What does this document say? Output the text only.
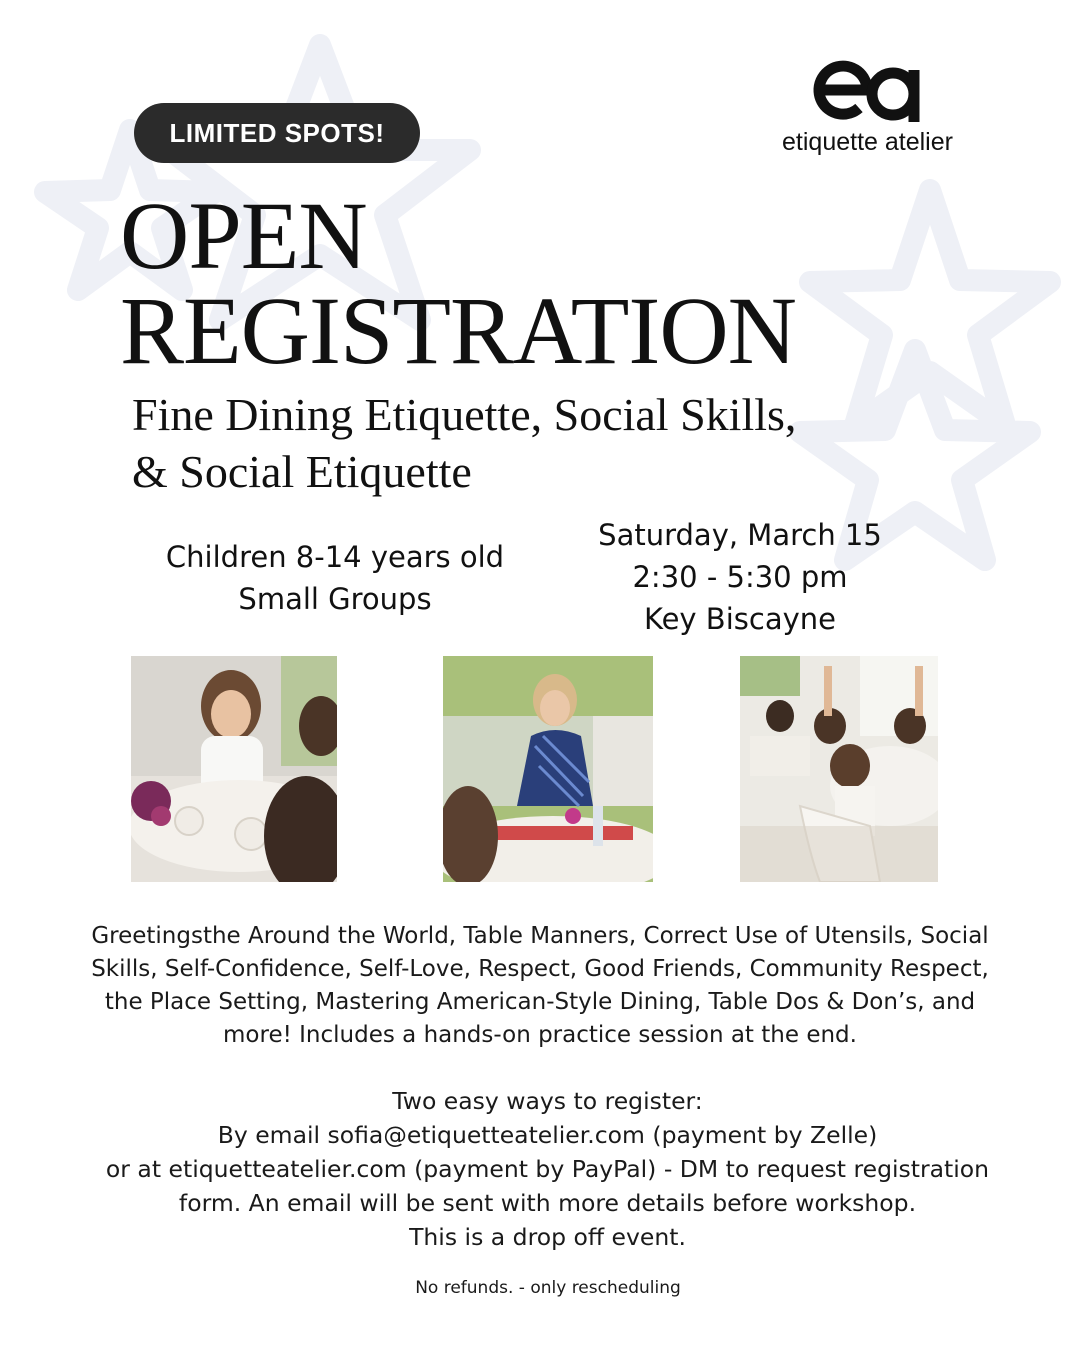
LIMITED SPOTS!	etiquette atelier
OPEN
REGISTRATION
Fine Dining Etiquette, Social Skills,
& Social Etiquette
Children 8-14 years old
Small Groups
Saturday, March 15
2:30 - 5:30 pm
Key Biscayne

Greetingsthe Around the World, Table Manners, Correct Use of Utensils, Social Skills, Self-Confidence, Self-Love, Respect, Good Friends, Community Respect, the Place Setting, Mastering American-Style Dining, Table Dos & Don’s, and more! Includes a hands-on practice session at the end.

Two easy ways to register:
By email sofia@etiquetteatelier.com (payment by Zelle)
or at etiquetteatelier.com (payment by PayPal) - DM to request registration
form. An email will be sent with more details before workshop.
This is a drop off event.
No refunds. - only rescheduling
